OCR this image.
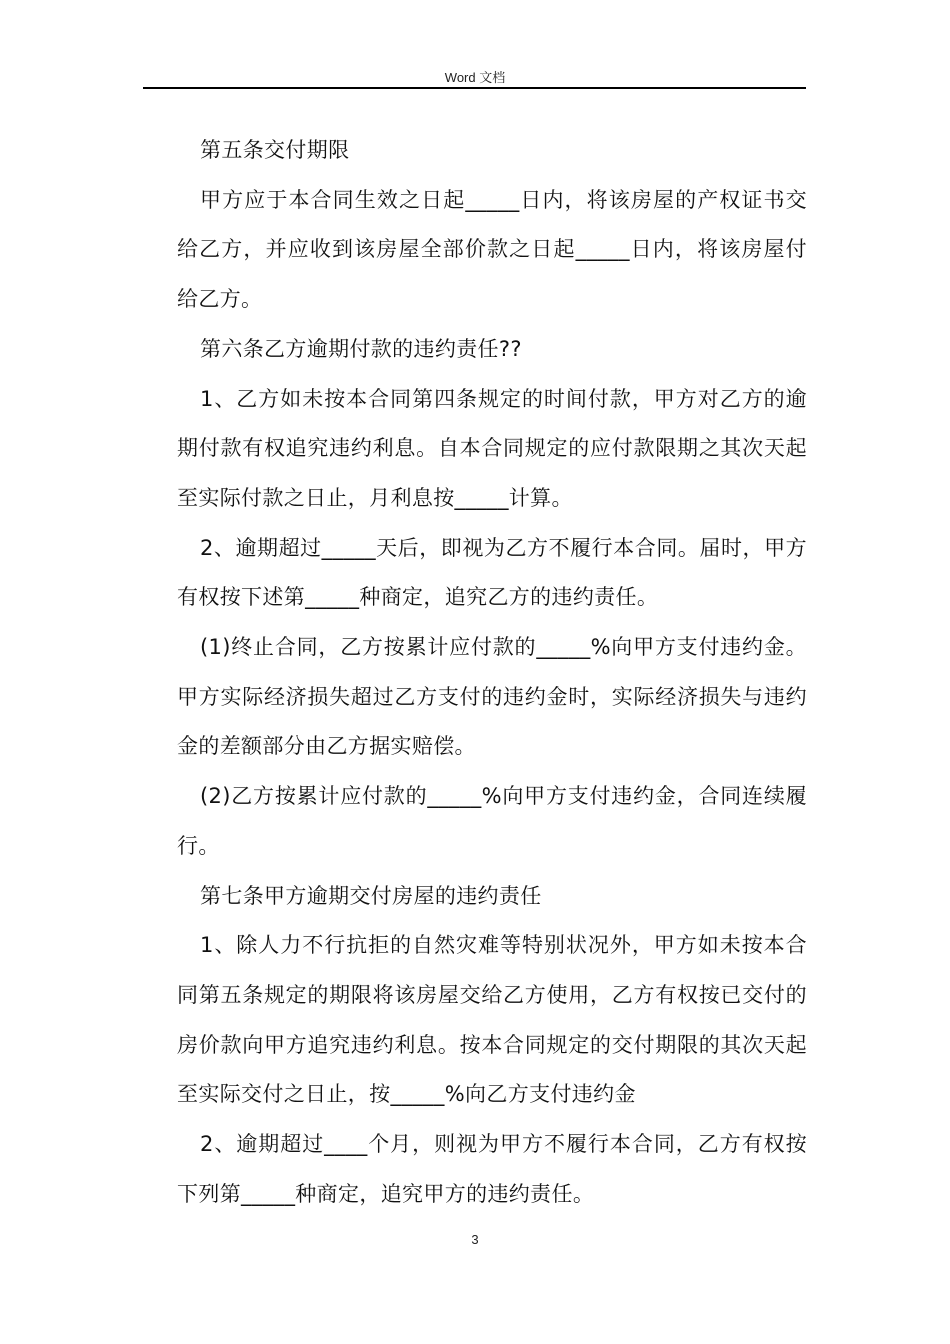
Word 文档

第五条交付期限

甲方应于本合同生效之日起_____日内，将该房屋的产权证书交给乙方，并应收到该房屋全部价款之日起_____日内，将该房屋付给乙方。

第六条乙方逾期付款的违约责任??

1、乙方如未按本合同第四条规定的时间付款，甲方对乙方的逾期付款有权追究违约利息。自本合同规定的应付款限期之其次天起至实际付款之日止，月利息按_____计算。

2、逾期超过_____天后，即视为乙方不履行本合同。届时，甲方有权按下述第_____种商定，追究乙方的违约责任。

(1)终止合同，乙方按累计应付款的_____%向甲方支付违约金。甲方实际经济损失超过乙方支付的违约金时，实际经济损失与违约金的差额部分由乙方据实赔偿。

(2)乙方按累计应付款的_____%向甲方支付违约金，合同连续履行。

第七条甲方逾期交付房屋的违约责任

1、除人力不行抗拒的自然灾难等特别状况外，甲方如未按本合同第五条规定的期限将该房屋交给乙方使用，乙方有权按已交付的房价款向甲方追究违约利息。按本合同规定的交付期限的其次天起至实际交付之日止，按_____%向乙方支付违约金

2、逾期超过____个月，则视为甲方不履行本合同，乙方有权按下列第_____种商定，追究甲方的违约责任。

3
